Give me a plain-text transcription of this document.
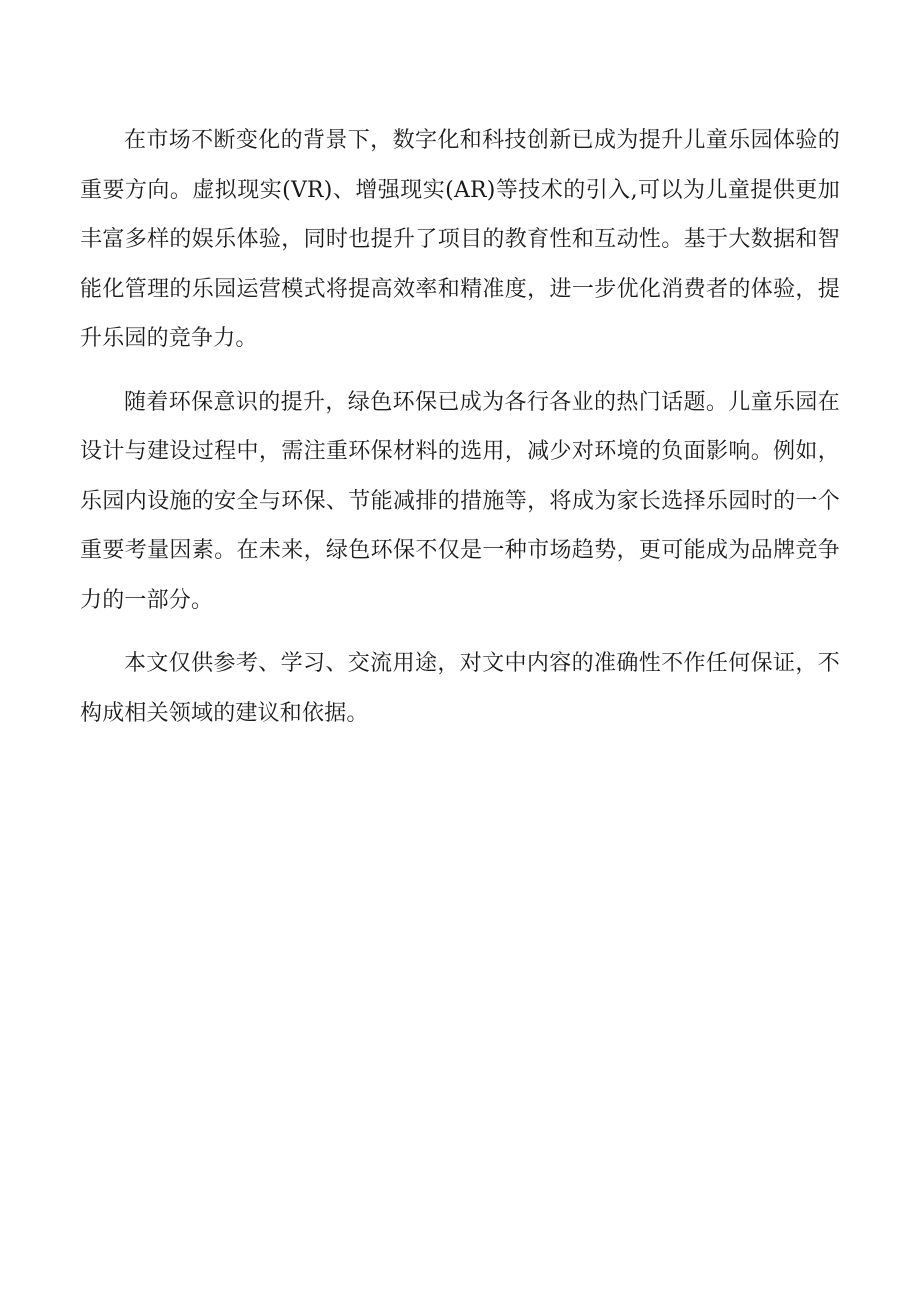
在市场不断变化的背景下，数字化和科技创新已成为提升儿童乐园体验的重要方向。虚拟现实(VR)、增强现实(AR)等技术的引入,可以为儿童提供更加丰富多样的娱乐体验，同时也提升了项目的教育性和互动性。基于大数据和智能化管理的乐园运营模式将提高效率和精准度，进一步优化消费者的体验，提升乐园的竞争力。

随着环保意识的提升，绿色环保已成为各行各业的热门话题。儿童乐园在设计与建设过程中，需注重环保材料的选用，减少对环境的负面影响。例如，乐园内设施的安全与环保、节能减排的措施等，将成为家长选择乐园时的一个重要考量因素。在未来，绿色环保不仅是一种市场趋势，更可能成为品牌竞争力的一部分。

本文仅供参考、学习、交流用途，对文中内容的准确性不作任何保证，不构成相关领域的建议和依据。
